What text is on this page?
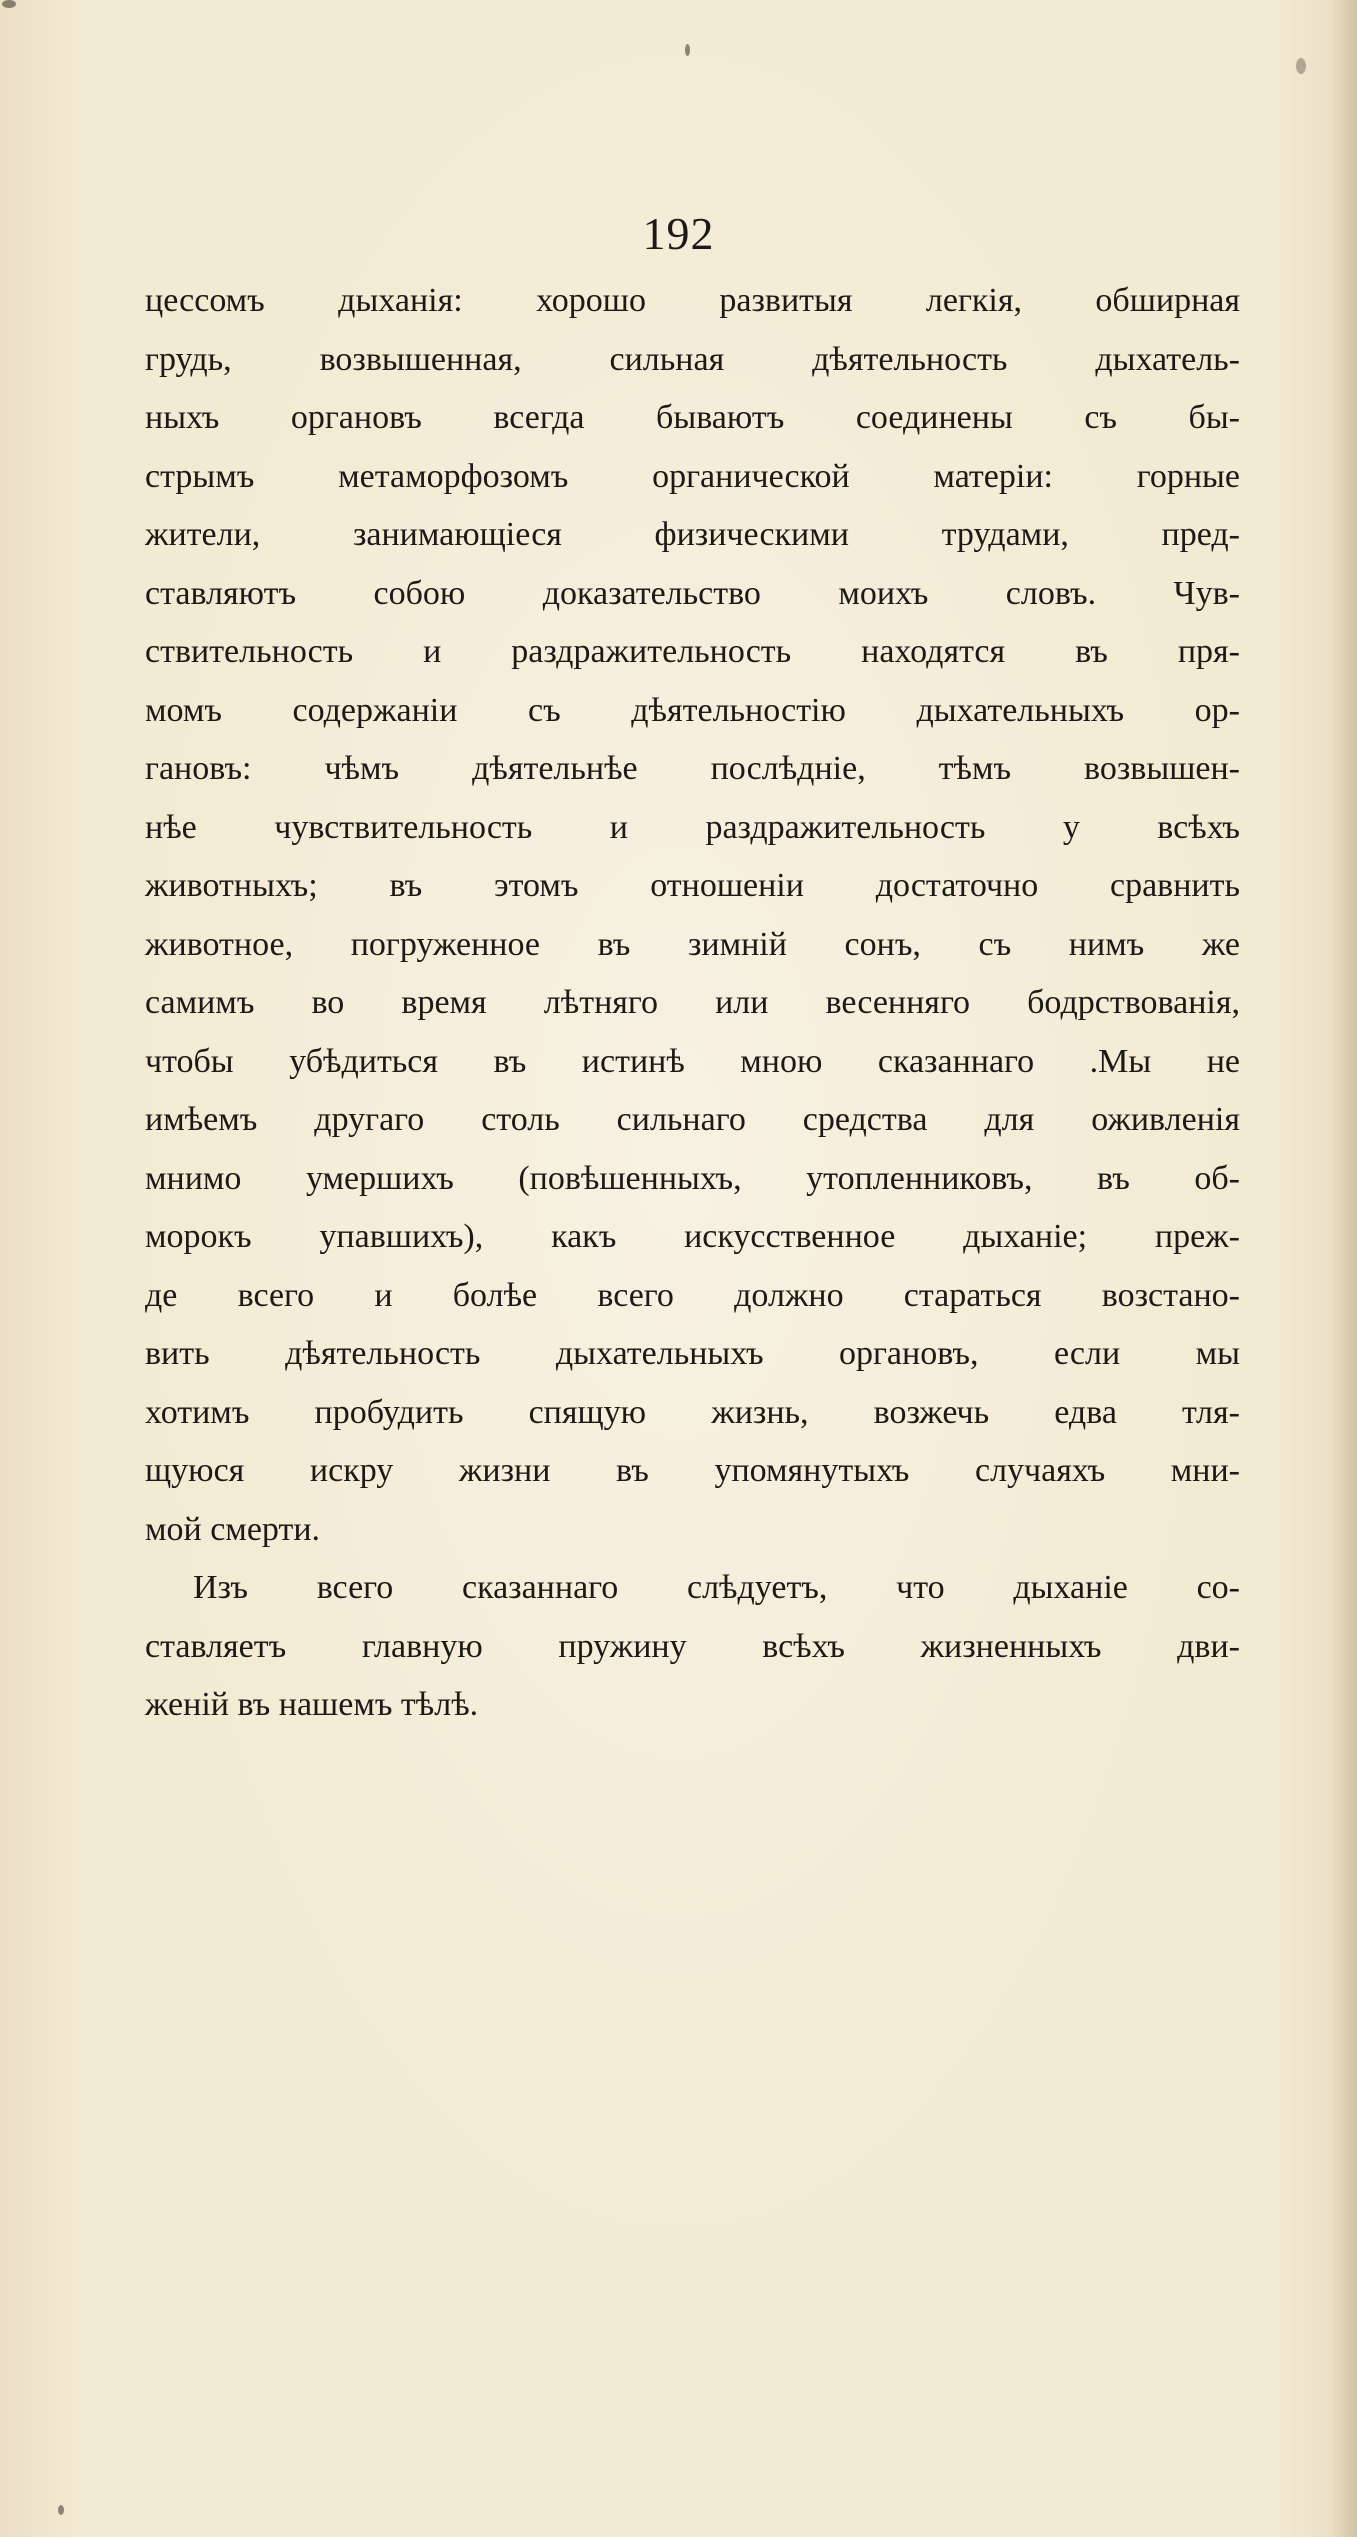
192
цессомъ дыханія: хорошо развитыя легкія, обширная
грудь, возвышенная, сильная дѣятельность дыхатель-
ныхъ органовъ всегда бываютъ соединены съ бы-
стрымъ метаморфозомъ органической матеріи: горные
жители, занимающіеся физическими трудами, пред-
ставляютъ собою доказательство моихъ словъ. Чув-
ствительность и раздражительность находятся въ пря-
момъ содержаніи съ дѣятельностію дыхательныхъ ор-
гановъ: чѣмъ дѣятельнѣе послѣдніе, тѣмъ возвышен-
нѣе чувствительность и раздражительность у всѣхъ
животныхъ; въ этомъ отношеніи достаточно сравнить
животное, погруженное въ зимній сонъ, съ нимъ же
самимъ во время лѣтняго или весенняго бодрствованія,
чтобы убѣдиться въ истинѣ мною сказаннаго .Мы не
имѣемъ другаго столь сильнаго средства для оживленія
мнимо умершихъ (повѣшенныхъ, утопленниковъ, въ об-
морокъ упавшихъ), какъ искусственное дыханіе; преж-
де всего и болѣе всего должно стараться возстано-
вить дѣятельность дыхательныхъ органовъ, если мы
хотимъ пробудить спящую жизнь, возжечь едва тля-
щуюся искру жизни въ упомянутыхъ случаяхъ мни-
мой смерти.
Изъ всего сказаннаго слѣдуетъ, что дыханіе со-
ставляетъ главную пружину всѣхъ жизненныхъ дви-
женій въ нашемъ тѣлѣ.
